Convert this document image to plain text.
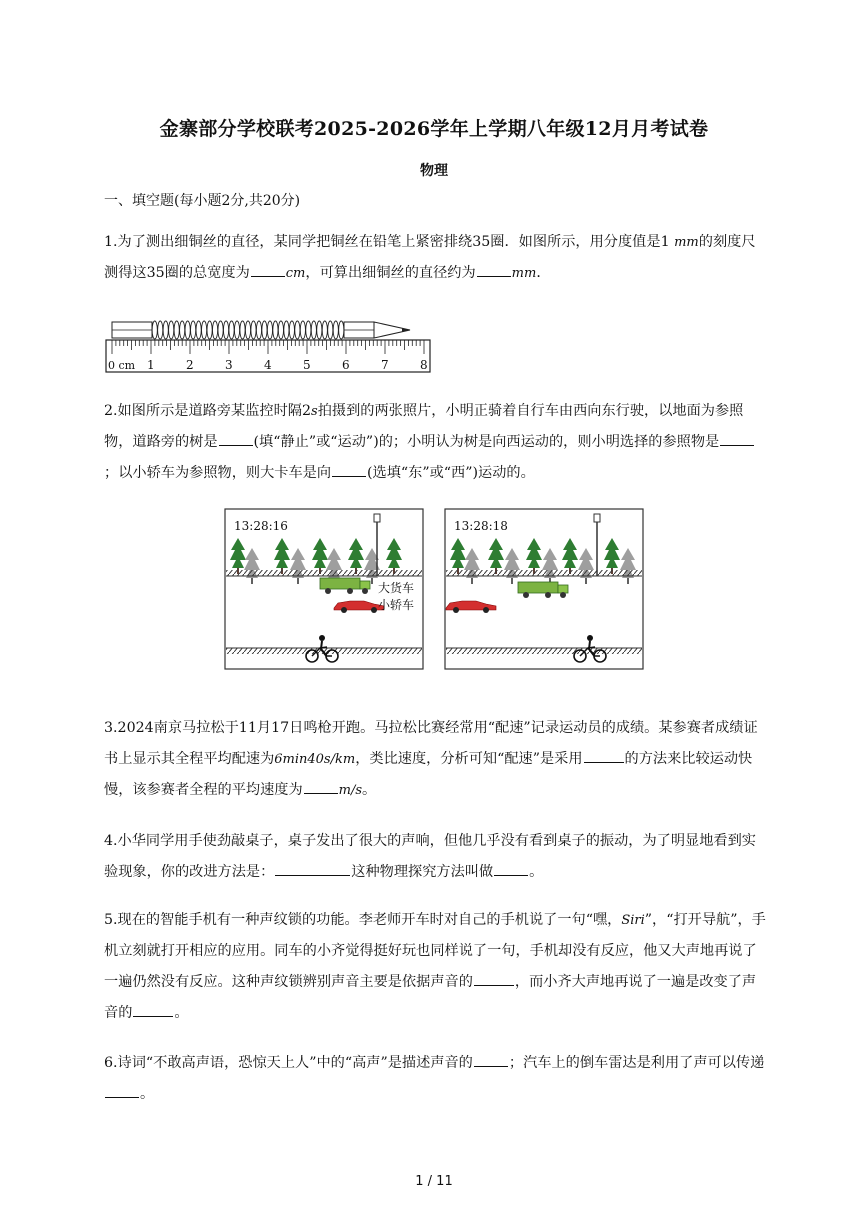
金寨部分学校联考2025-2026学年上学期八年级12月月考试卷
物理
一、填空题(每小题2分,共20分)
1.为了测出细铜丝的直径，某同学把铜丝在铅笔上紧密排绕35圈．如图所示，用分度值是1 mm的刻度尺测得这35圈的总宽度为	cm，可算出细铜丝的直径约为	mm．
0 cm 1	2	3	4	5	6	7	8
2.如图所示是道路旁某监控时隔2s拍摄到的两张照片，小明正骑着自行车由西向东行驶，以地面为参照物，道路旁的树是	(填“静止”或“运动”)的；小明认为树是向西运动的，则小明选择的参照物是；以小轿车为参照物，则大卡车是向	(选填“东”或“西”)运动的。
13:28:16
大货车
小轿车
13:28:18
3.2024南京马拉松于11月17日鸣枪开跑。马拉松比赛经常用“配速”记录运动员的成绩。某参赛者成绩证书上显示其全程平均配速为6min40s/km，类比速度，分析可知“配速”是采用	的方法来比较运动快慢，该参赛者全程的平均速度为	m/s。
4.小华同学用手使劲敲桌子，桌子发出了很大的声响，但他几乎没有看到桌子的振动，为了明显地看到实验现象，你的改进方法是：	这种物理探究方法叫做	。
5.现在的智能手机有一种声纹锁的功能。李老师开车时对自己的手机说了一句“嘿，Siri”，“打开导航”，手机立刻就打开相应的应用。同车的小齐觉得挺好玩也同样说了一句，手机却没有反应，他又大声地再说了一遍仍然没有反应。这种声纹锁辨别声音主要是依据声音的	，而小齐大声地再说了一遍是改变了声音的	。
6.诗词“不敢高声语，恐惊天上人”中的“高声”是描述声音的	；汽车上的倒车雷达是利用了声可以传递。
1 / 11
